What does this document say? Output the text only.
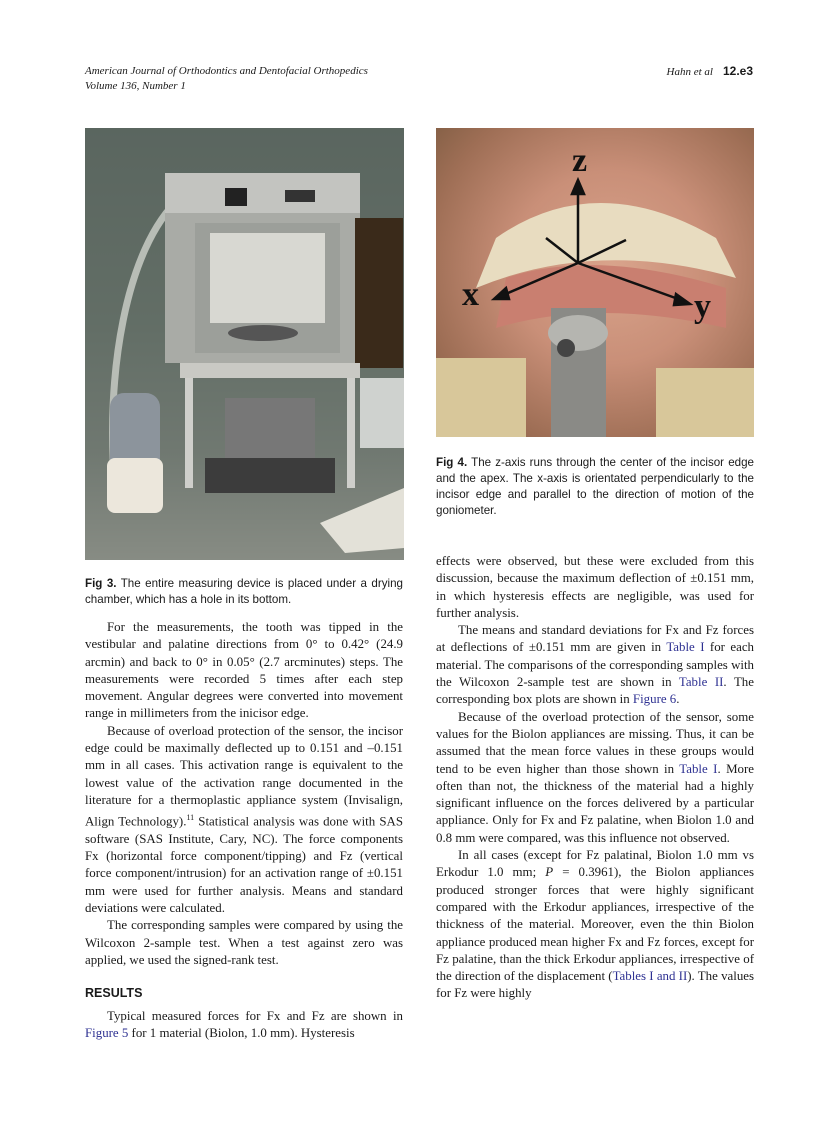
American Journal of Orthodontics and Dentofacial Orthopedics
Volume 136, Number 1
Hahn et al 12.e3
z
x	y
Fig 3. The entire measuring device is placed under a drying chamber, which has a hole in its bottom.
Fig 4. The z-axis runs through the center of the incisor edge and the apex. The x-axis is orientated perpendicularly to the incisor edge and parallel to the direction of motion of the goniometer.

For the measurements, the tooth was tipped in the vestibular and palatine directions from 0° to 0.42° (24.9 arcmin) and back to 0° in 0.05° (2.7 arcminutes) steps. The measurements were recorded 5 times after each step movement. Angular degrees were converted into movement range in millimeters from the inicisor edge.

Because of overload protection of the sensor, the incisor edge could be maximally deflected up to 0.151 and –0.151 mm in all cases. This activation range is equivalent to the lowest value of the activation range documented in the literature for a thermoplastic appliance system (Invisalign, Align Technology).$^{11}$ Statistical analysis was done with SAS software (SAS Institute, Cary, NC). The force components Fx (horizontal force component/tipping) and Fz (vertical force component/intrusion) for an activation range of ±0.151 mm were used for further analysis. Means and standard deviations were calculated.

The corresponding samples were compared by using the Wilcoxon 2-sample test. When a test against zero was applied, we used the signed-rank test.

RESULTS

Typical measured forces for Fx and Fz are shown in Figure 5 for 1 material (Biolon, 1.0 mm). Hysteresis

effects were observed, but these were excluded from this discussion, because the maximum deflection of ±0.151 mm, in which hysteresis effects are negligible, was used for further analysis.

The means and standard deviations for Fx and Fz forces at deflections of ±0.151 mm are given in Table I for each material. The comparisons of the corresponding samples with the Wilcoxon 2-sample test are shown in Table II. The corresponding box plots are shown in Figure 6.

Because of the overload protection of the sensor, some values for the Biolon appliances are missing. Thus, it can be assumed that the mean force values in these groups would tend to be even higher than those shown in Table I. More often than not, the thickness of the material had a highly significant influence on the forces delivered by a particular appliance. Only for Fx and Fz palatine, when Biolon 1.0 and 0.8 mm were compared, was this influence not observed.

In all cases (except for Fz palatinal, Biolon 1.0 mm vs Erkodur 1.0 mm; P = 0.3961), the Biolon appliances produced stronger forces that were highly significant compared with the Erkodur appliances, irrespective of the thickness of the material. Moreover, even the thin Biolon appliance produced mean higher Fx and Fz forces, except for Fz palatine, than the thick Erkodur appliances, irrespective of the direction of the displacement (Tables I and II). The values for Fz were highly
